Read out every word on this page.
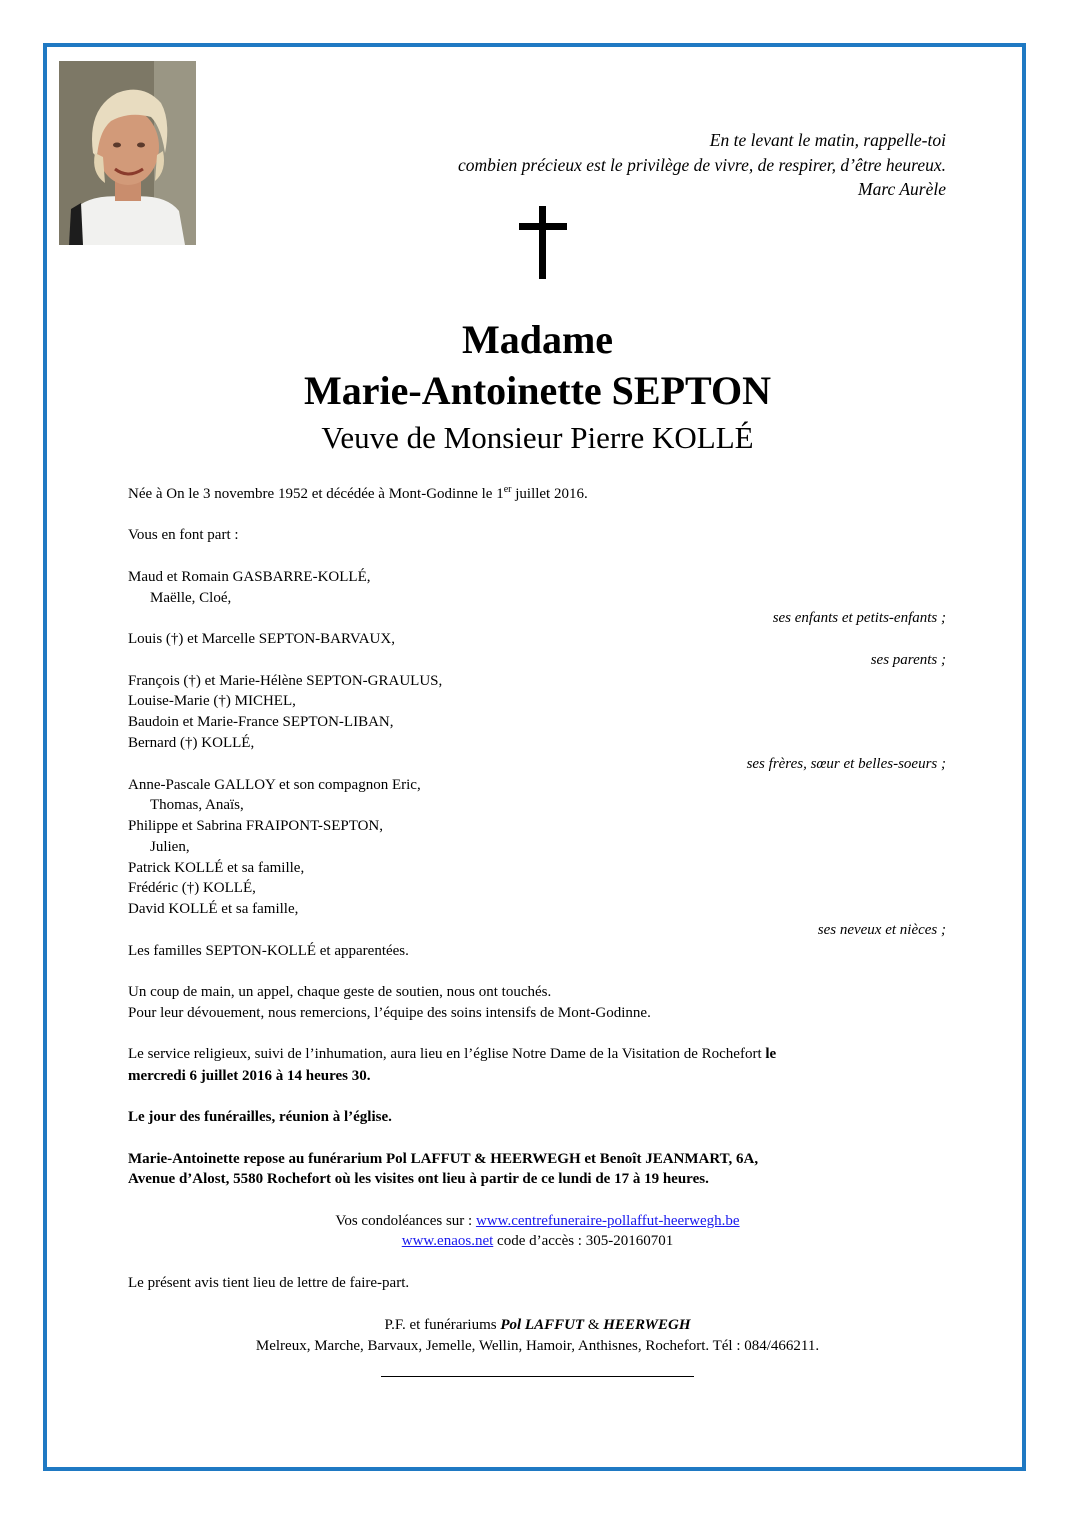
En te levant le matin, rappelle-toi
combien précieux est le privilège de vivre, de respirer, d’être heureux.
Marc Aurèle
Madame
Marie-Antoinette SEPTON
Veuve de Monsieur Pierre KOLLÉ
Née à On le 3 novembre 1952 et décédée à Mont-Godinne le 1er juillet 2016.
Vous en font part :
Maud et Romain GASBARRE-KOLLÉ,
Maëlle, Cloé,
ses enfants et petits-enfants ;
Louis (†) et Marcelle SEPTON-BARVAUX,
ses parents ;
François (†) et Marie-Hélène SEPTON-GRAULUS,
Louise-Marie (†) MICHEL,
Baudoin et Marie-France SEPTON-LIBAN,
Bernard (†) KOLLÉ,
ses frères, sœur et belles-soeurs ;
Anne-Pascale GALLOY et son compagnon Eric,
Thomas, Anaïs,
Philippe et Sabrina FRAIPONT-SEPTON,
Julien,
Patrick KOLLÉ et sa famille,
Frédéric (†) KOLLÉ,
David KOLLÉ et sa famille,
ses neveux et nièces ;
Les familles SEPTON-KOLLÉ et apparentées.
Un coup de main, un appel, chaque geste de soutien, nous ont touchés.
Pour leur dévouement, nous remercions, l’équipe des soins intensifs de Mont-Godinne.
Le service religieux, suivi de l’inhumation, aura lieu en l’église Notre Dame de la Visitation de Rochefort le
mercredi 6 juillet 2016 à 14 heures 30.
Le jour des funérailles, réunion à l’église.
Marie-Antoinette repose au funérarium Pol LAFFUT & HEERWEGH et Benoît JEANMART, 6A,
Avenue d’Alost, 5580 Rochefort où les visites ont lieu à partir de ce lundi de 17 à 19 heures.
Vos condoléances sur : www.centrefuneraire-pollaffut-heerwegh.be
www.enaos.net code d’accès : 305-20160701
Le présent avis tient lieu de lettre de faire-part.
P.F. et funérariums Pol LAFFUT & HEERWEGH
Melreux, Marche, Barvaux, Jemelle, Wellin, Hamoir, Anthisnes, Rochefort. Tél : 084/466211.
